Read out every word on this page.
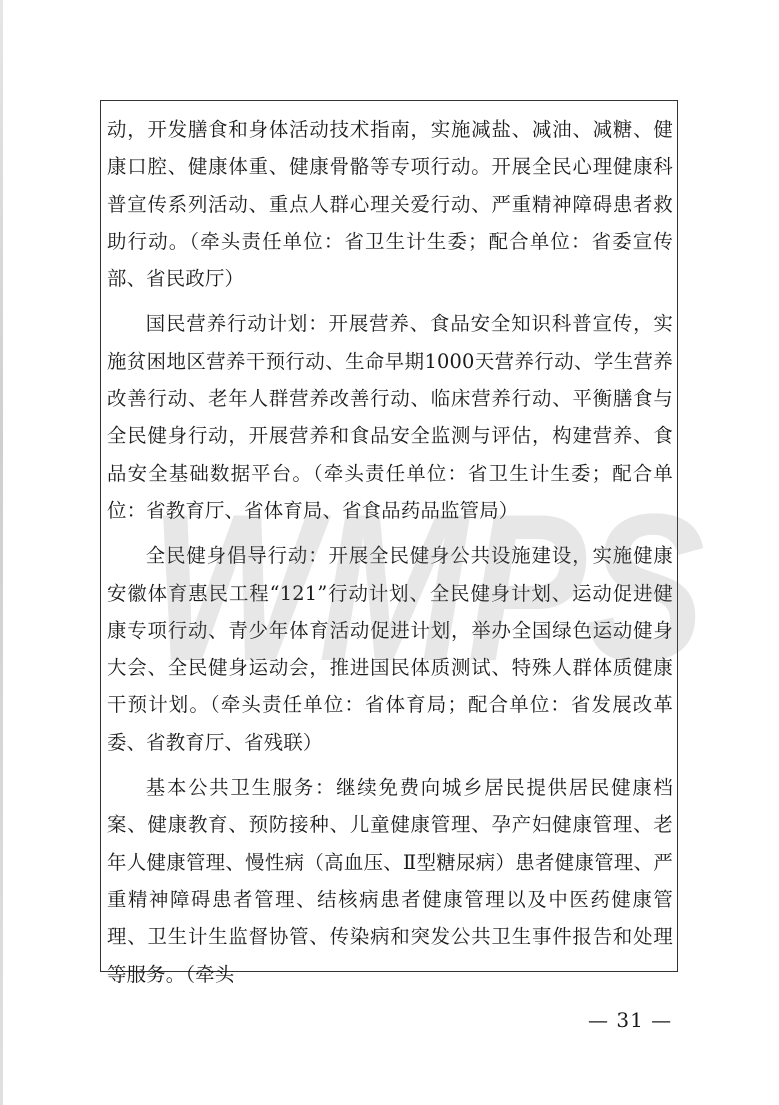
动，开发膳食和身体活动技术指南，实施减盐、减油、减糖、健康口腔、健康体重、健康骨骼等专项行动。开展全民心理健康科普宣传系列活动、重点人群心理关爱行动、严重精神障碍患者救助行动。（牵头责任单位：省卫生计生委；配合单位：省委宣传部、省民政厅）

国民营养行动计划：开展营养、食品安全知识科普宣传，实施贫困地区营养干预行动、生命早期1000天营养行动、学生营养改善行动、老年人群营养改善行动、临床营养行动、平衡膳食与全民健身行动，开展营养和食品安全监测与评估，构建营养、食品安全基础数据平台。（牵头责任单位：省卫生计生委；配合单位：省教育厅、省体育局、省食品药品监管局）

全民健身倡导行动：开展全民健身公共设施建设，实施健康安徽体育惠民工程“121”行动计划、全民健身计划、运动促进健康专项行动、青少年体育活动促进计划，举办全国绿色运动健身大会、全民健身运动会，推进国民体质测试、特殊人群体质健康干预计划。（牵头责任单位：省体育局；配合单位：省发展改革委、省教育厅、省残联）

基本公共卫生服务：继续免费向城乡居民提供居民健康档案、健康教育、预防接种、儿童健康管理、孕产妇健康管理、老年人健康管理、慢性病（高血压、Ⅱ型糖尿病）患者健康管理、严重精神障碍患者管理、结核病患者健康管理以及中医药健康管理、卫生计生监督协管、传染病和突发公共卫生事件报告和处理等服务。（牵头

WMPS
— 31 —
